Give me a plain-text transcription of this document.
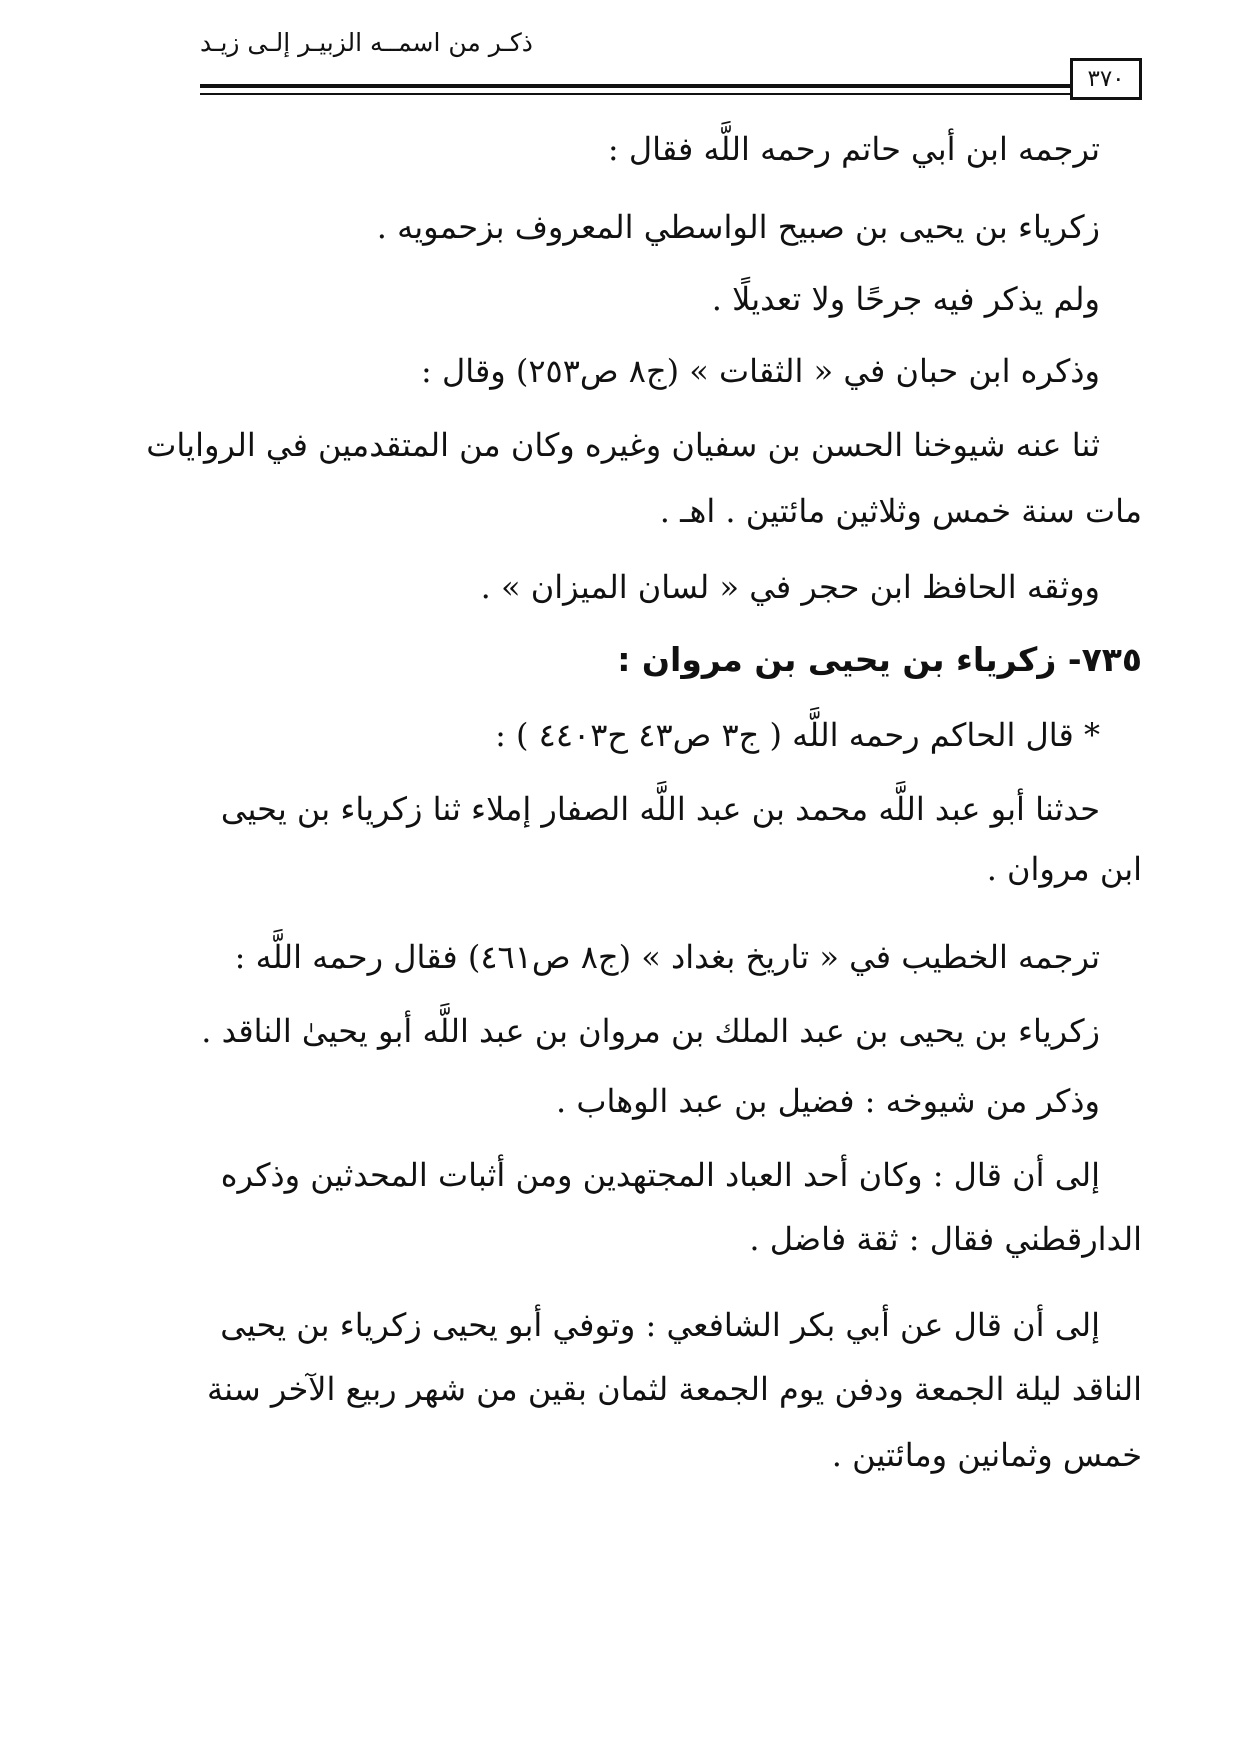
ذكـر من اسمــه الزبيـر إلـى زيـد
٣٧٠
ترجمه ابن أبي حاتم رحمه اللَّه فقال :
زكرياء بن يحيى بن صبيح الواسطي المعروف بزحمويه .
ولم يذكر فيه جرحًا ولا تعديلًا .
وذكره ابن حبان في « الثقات » (ج٨ ص٢٥٣) وقال :
ثنا عنه شيوخنا الحسن بن سفيان وغيره وكان من المتقدمين في الروايات
مات سنة خمس وثلاثين مائتين . اهـ .
ووثقه الحافظ ابن حجر في « لسان الميزان » .
٧٣٥- زكرياء بن يحيى بن مروان :
* قال الحاكم رحمه اللَّه ( ج٣ ص٤٣ ح٤٤٠٣ ) :
حدثنا أبو عبد اللَّه محمد بن عبد اللَّه الصفار إملاء ثنا زكرياء بن يحيى
ابن مروان .
ترجمه الخطيب في « تاريخ بغداد » (ج٨ ص٤٦١) فقال رحمه اللَّه :
زكرياء بن يحيى بن عبد الملك بن مروان بن عبد اللَّه أبو يحيىٰ الناقد .
وذكر من شيوخه : فضيل بن عبد الوهاب .
إلى أن قال : وكان أحد العباد المجتهدين ومن أثبات المحدثين وذكره
الدارقطني فقال : ثقة فاضل .
إلى أن قال عن أبي بكر الشافعي : وتوفي أبو يحيى زكرياء بن يحيى
الناقد ليلة الجمعة ودفن يوم الجمعة لثمان بقين من شهر ربيع الآخر سنة
خمس وثمانين ومائتين .
